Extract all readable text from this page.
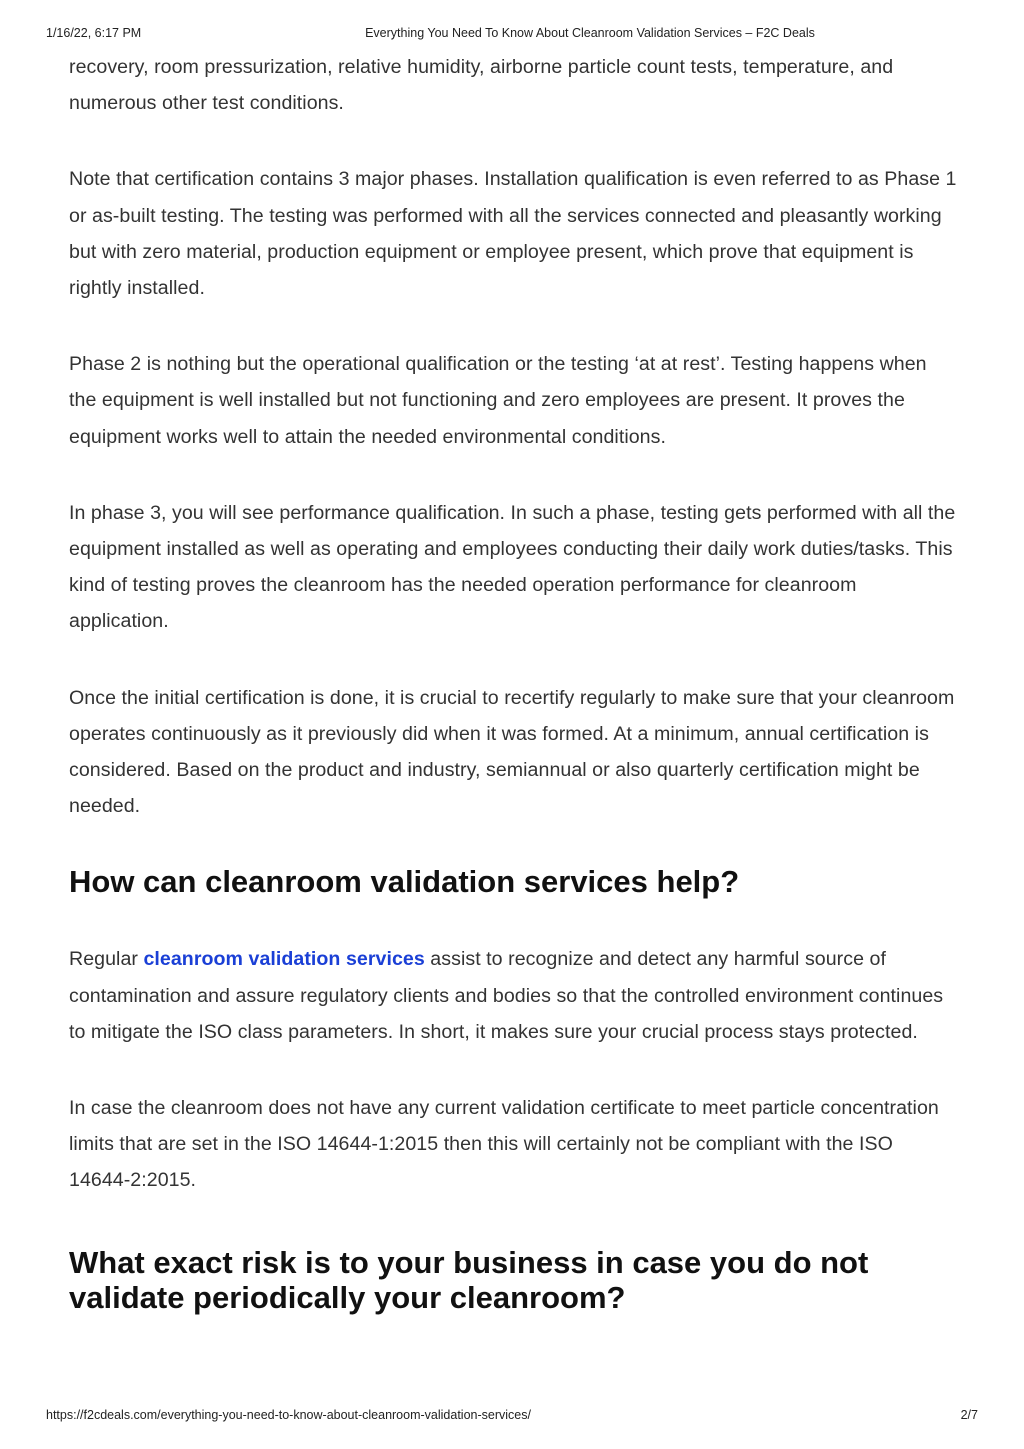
1/16/22, 6:17 PM	Everything You Need To Know About Cleanroom Validation Services – F2C Deals

recovery, room pressurization, relative humidity, airborne particle count tests, temperature, and numerous other test conditions.

Note that certification contains 3 major phases. Installation qualification is even referred to as Phase 1 or as-built testing. The testing was performed with all the services connected and pleasantly working but with zero material, production equipment or employee present, which prove that equipment is rightly installed.

Phase 2 is nothing but the operational qualification or the testing ‘at at rest’. Testing happens when the equipment is well installed but not functioning and zero employees are present. It proves the equipment works well to attain the needed environmental conditions.

In phase 3, you will see performance qualification. In such a phase, testing gets performed with all the equipment installed as well as operating and employees conducting their daily work duties/tasks. This kind of testing proves the cleanroom has the needed operation performance for cleanroom application.

Once the initial certification is done, it is crucial to recertify regularly to make sure that your cleanroom operates continuously as it previously did when it was formed. At a minimum, annual certification is considered. Based on the product and industry, semiannual or also quarterly certification might be needed.

How can cleanroom validation services help?

Regular cleanroom validation services assist to recognize and detect any harmful source of contamination and assure regulatory clients and bodies so that the controlled environment continues to mitigate the ISO class parameters. In short, it makes sure your crucial process stays protected.

In case the cleanroom does not have any current validation certificate to meet particle concentration limits that are set in the ISO 14644-1:2015 then this will certainly not be compliant with the ISO 14644-2:2015.

What exact risk is to your business in case you do not validate periodically your cleanroom?
https://f2cdeals.com/everything-you-need-to-know-about-cleanroom-validation-services/	2/7
